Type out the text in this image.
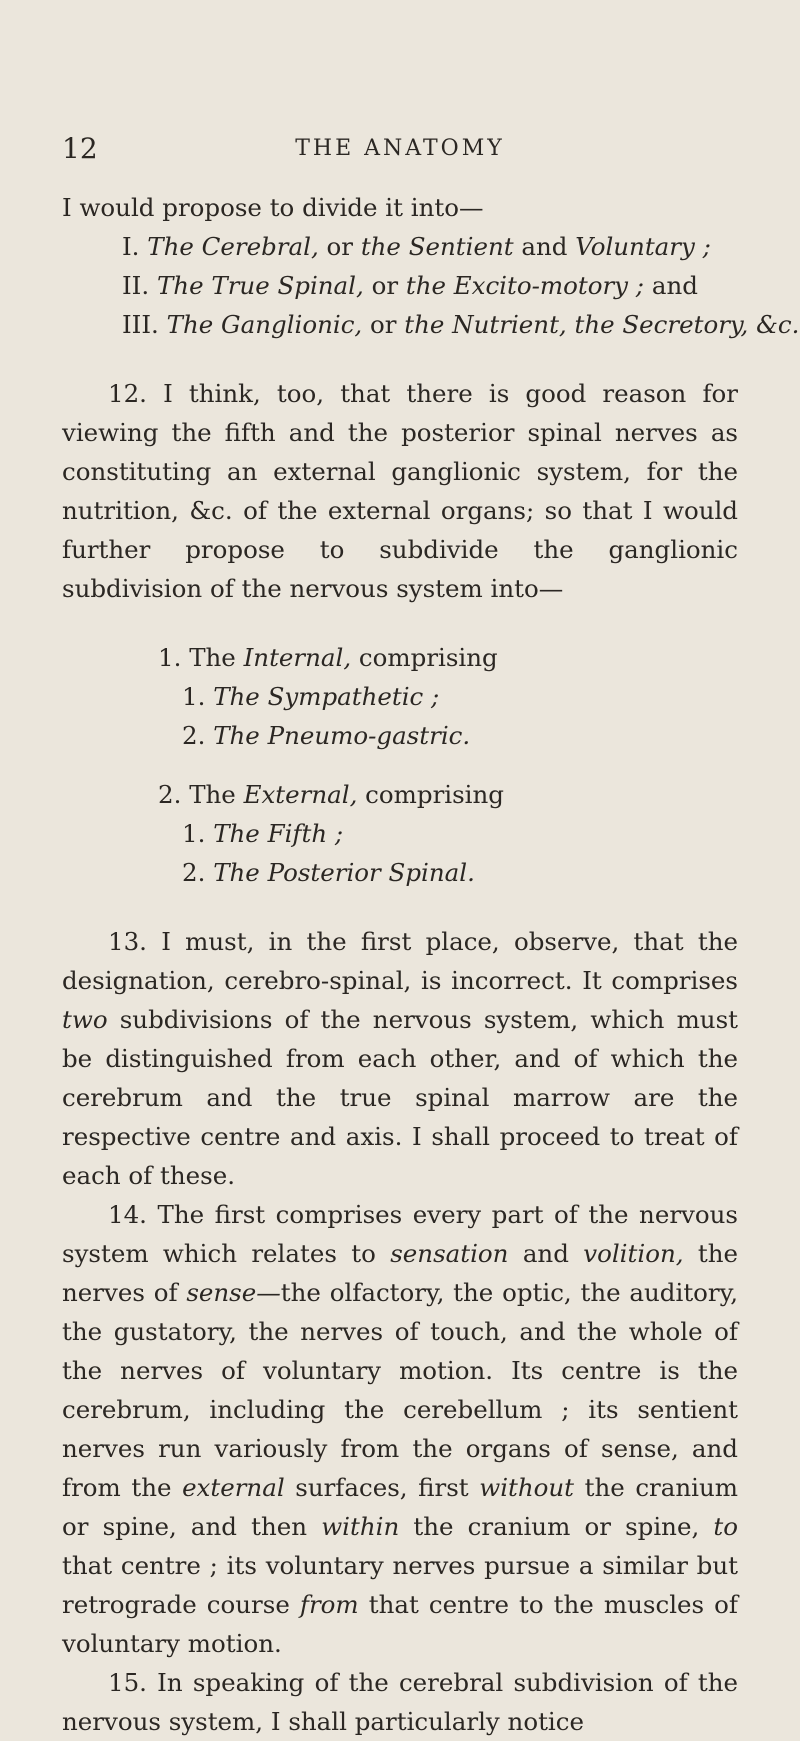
12	THE ANATOMY

I would propose to divide it into—

I. The Cerebral, or the Sentient and Voluntary ;
II. The True Spinal, or the Excito-motory ; and
III. The Ganglionic, or the Nutrient, the Secretory, &c.

12. I think, too, that there is good reason for viewing the fifth and the posterior spinal nerves as constituting an external ganglionic system, for the nutrition, &c. of the external organs; so that I would further propose to subdivide the ganglionic subdivision of the nervous system into—

1. The Internal, comprising
1. The Sympathetic ;
2. The Pneumo-gastric.
2. The External, comprising
1. The Fifth ;
2. The Posterior Spinal.

13. I must, in the first place, observe, that the designation, cerebro-spinal, is incorrect. It comprises two subdivisions of the nervous system, which must be distinguished from each other, and of which the cerebrum and the true spinal marrow are the respective centre and axis. I shall proceed to treat of each of these.

14. The first comprises every part of the nervous system which relates to sensation and volition, the nerves of sense—the olfactory, the optic, the auditory, the gustatory, the nerves of touch, and the whole of the nerves of voluntary motion. Its centre is the cerebrum, including the cerebellum ; its sentient nerves run variously from the organs of sense, and from the external surfaces, first without the cranium or spine, and then within the cranium or spine, to that centre ; its voluntary nerves pursue a similar but retrograde course from that centre to the muscles of voluntary motion.

15. In speaking of the cerebral subdivision of the nervous system, I shall particularly notice
